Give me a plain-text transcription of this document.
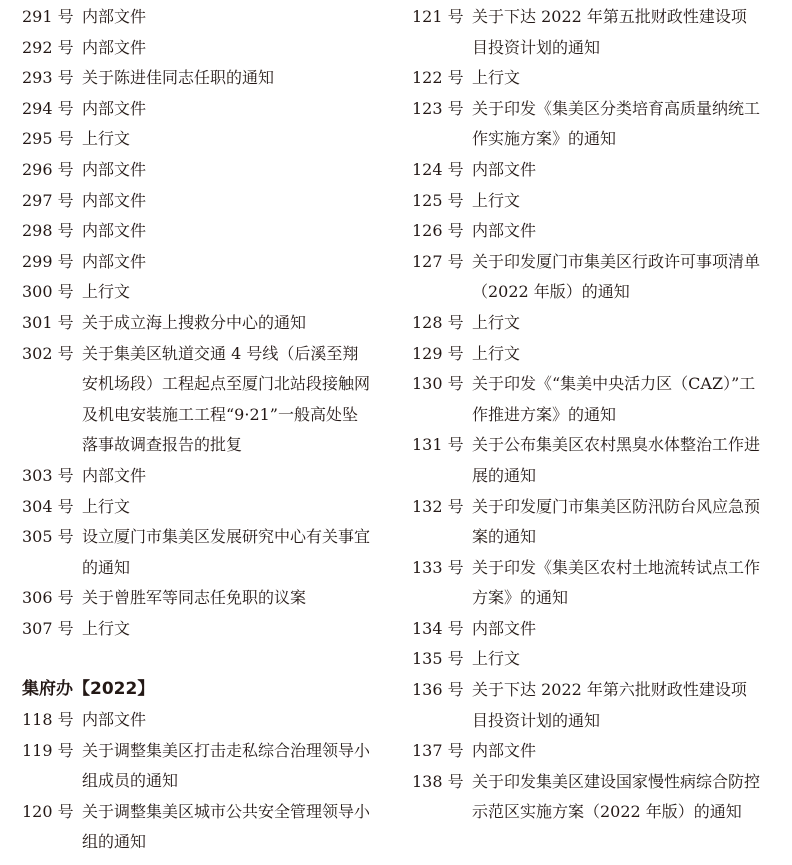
291 号 内部文件
292 号 内部文件
293 号 关于陈进佳同志任职的通知
294 号 内部文件
295 号 上行文
296 号 内部文件
297 号 内部文件
298 号 内部文件
299 号 内部文件
300 号 上行文
301 号 关于成立海上搜救分中心的通知
302 号 关于集美区轨道交通 4 号线（后溪至翔安机场段）工程起点至厦门北站段接触网及机电安装施工工程“9·21”一般高处坠落事故调查报告的批复
303 号 内部文件
304 号 上行文
305 号 设立厦门市集美区发展研究中心有关事宜的通知
306 号 关于曾胜军等同志任免职的议案
307 号 上行文
集府办【2022】
118 号 内部文件
119 号 关于调整集美区打击走私综合治理领导小组成员的通知
120 号 关于调整集美区城市公共安全管理领导小组的通知
121 号 关于下达 2022 年第五批财政性建设项目投资计划的通知
122 号 上行文
123 号 关于印发《集美区分类培育高质量纳统工作实施方案》的通知
124 号 内部文件
125 号 上行文
126 号 内部文件
127 号 关于印发厦门市集美区行政许可事项清单（2022 年版）的通知
128 号 上行文
129 号 上行文
130 号 关于印发《“集美中央活力区（CAZ）”工作推进方案》的通知
131 号 关于公布集美区农村黑臭水体整治工作进展的通知
132 号 关于印发厦门市集美区防汛防台风应急预案的通知
133 号 关于印发《集美区农村土地流转试点工作方案》的通知
134 号 内部文件
135 号 上行文
136 号 关于下达 2022 年第六批财政性建设项目投资计划的通知
137 号 内部文件
138 号 关于印发集美区建设国家慢性病综合防控示范区实施方案（2022 年版）的通知
